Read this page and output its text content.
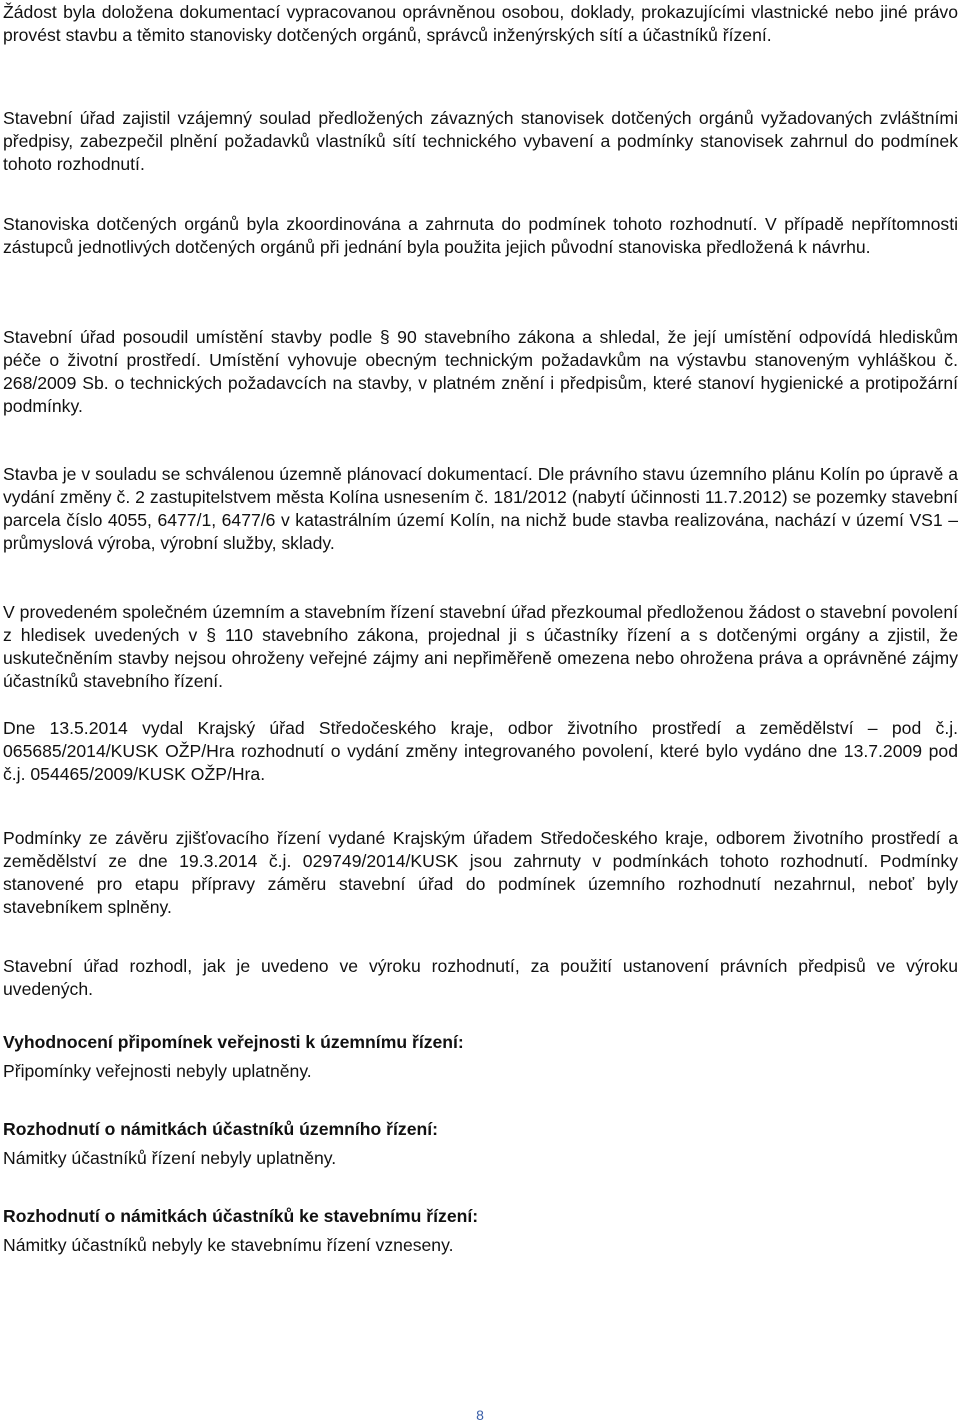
Žádost byla doložena dokumentací vypracovanou oprávněnou osobou, doklady, prokazujícími vlastnické nebo jiné právo provést stavbu a těmito stanovisky dotčených orgánů, správců inženýrských sítí a účastníků řízení.

Stavební úřad zajistil vzájemný soulad předložených závazných stanovisek dotčených orgánů vyžadovaných zvláštními předpisy, zabezpečil plnění požadavků vlastníků sítí technického vybavení a podmínky stanovisek zahrnul do podmínek tohoto rozhodnutí.

Stanoviska dotčených orgánů byla zkoordinována a zahrnuta do podmínek tohoto rozhodnutí. V případě nepřítomnosti zástupců jednotlivých dotčených orgánů při jednání byla použita jejich původní stanoviska předložená k návrhu.

Stavební úřad posoudil umístění stavby podle § 90 stavebního zákona a shledal, že její umístění odpovídá hlediskům péče o životní prostředí. Umístění vyhovuje obecným technickým požadavkům na výstavbu stanoveným vyhláškou č. 268/2009 Sb. o technických požadavcích na stavby, v platném znění i předpisům, které stanoví hygienické a protipožární podmínky.

Stavba je v souladu se schválenou územně plánovací dokumentací. Dle právního stavu územního plánu Kolín po úpravě a vydání změny č. 2 zastupitelstvem města Kolína usnesením č. 181/2012 (nabytí účinnosti 11.7.2012) se pozemky stavební parcela číslo 4055, 6477/1, 6477/6 v katastrálním území Kolín, na nichž bude stavba realizována, nachází v území VS1 – průmyslová výroba, výrobní služby, sklady.

V provedeném společném územním a stavebním řízení stavební úřad přezkoumal předloženou žádost o stavební povolení z hledisek uvedených v § 110 stavebního zákona, projednal ji s účastníky řízení a s dotčenými orgány a zjistil, že uskutečněním stavby nejsou ohroženy veřejné zájmy ani nepřiměřeně omezena nebo ohrožena práva a oprávněné zájmy účastníků stavebního řízení.

Dne 13.5.2014 vydal Krajský úřad Středočeského kraje, odbor životního prostředí a zemědělství – pod č.j. 065685/2014/KUSK OŽP/Hra rozhodnutí o vydání změny integrovaného povolení, které bylo vydáno dne 13.7.2009 pod č.j. 054465/2009/KUSK OŽP/Hra.

Podmínky ze závěru zjišťovacího řízení vydané Krajským úřadem Středočeského kraje, odborem životního prostředí a zemědělství ze dne 19.3.2014 č.j. 029749/2014/KUSK jsou zahrnuty v podmínkách tohoto rozhodnutí. Podmínky stanovené pro etapu přípravy záměru stavební úřad do podmínek územního rozhodnutí nezahrnul, neboť byly stavebníkem splněny.

Stavební úřad rozhodl, jak je uvedeno ve výroku rozhodnutí, za použití ustanovení právních předpisů ve výroku uvedených.

Vyhodnocení připomínek veřejnosti k územnímu řízení:

Připomínky veřejnosti nebyly uplatněny.

Rozhodnutí o námitkách účastníků územního řízení:

Námitky účastníků řízení nebyly uplatněny.

Rozhodnutí o námitkách účastníků ke stavebnímu řízení:

Námitky účastníků nebyly ke stavebnímu řízení vzneseny.

8
